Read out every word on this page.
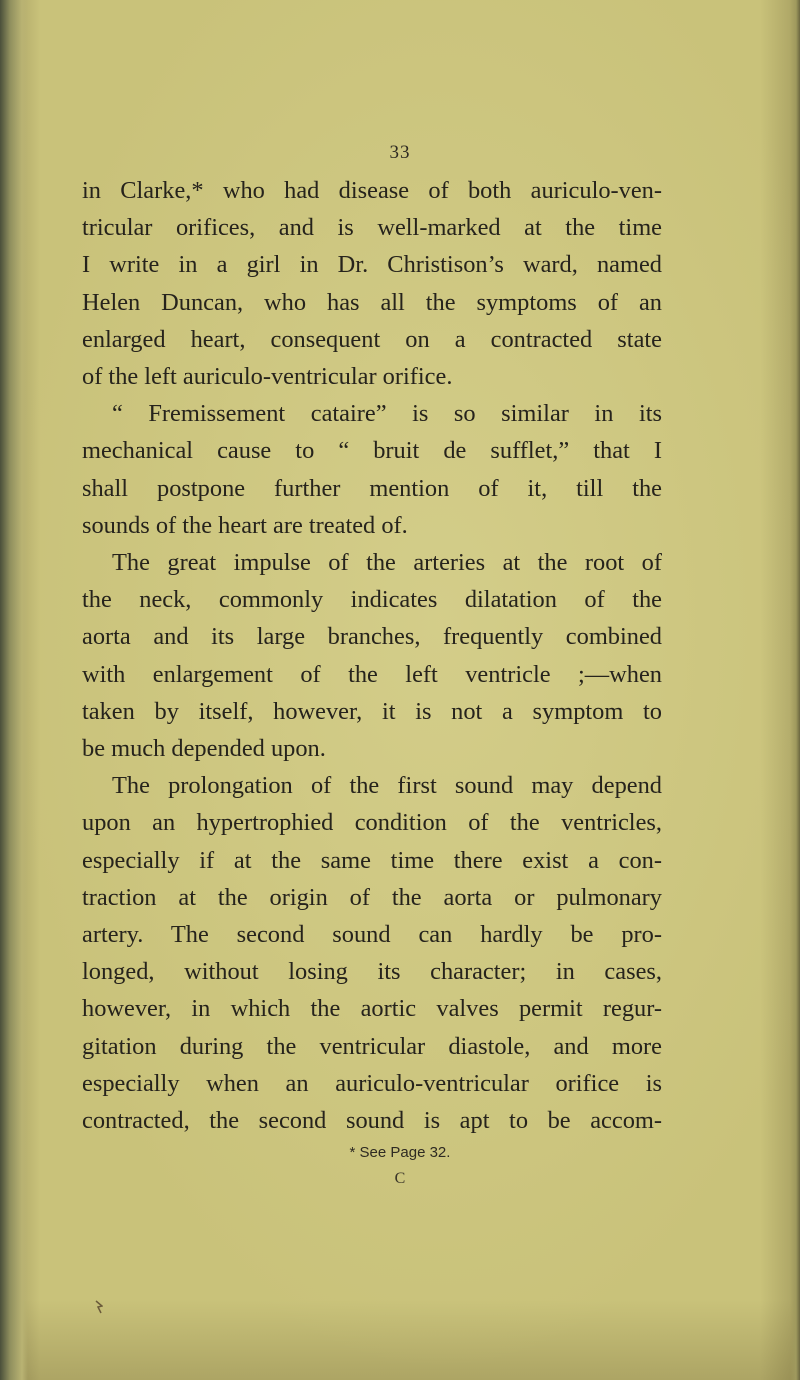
33
in Clarke,* who had disease of both auriculo-ven-
tricular orifices, and is well-marked at the time
I write in a girl in Dr. Christison’s ward, named
Helen Duncan, who has all the symptoms of an
enlarged heart, consequent on a contracted state
of the left auriculo-ventricular orifice.
“ Fremissement cataire” is so similar in its
mechanical cause to “ bruit de sufflet,” that I
shall postpone further mention of it, till the
sounds of the heart are treated of.
The great impulse of the arteries at the root of
the neck, commonly indicates dilatation of the
aorta and its large branches, frequently combined
with enlargement of the left ventricle ;—when
taken by itself, however, it is not a symptom to
be much depended upon.
The prolongation of the first sound may depend
upon an hypertrophied condition of the ventricles,
especially if at the same time there exist a con-
traction at the origin of the aorta or pulmonary
artery. The second sound can hardly be pro-
longed, without losing its character; in cases,
however, in which the aortic valves permit regur-
gitation during the ventricular diastole, and more
especially when an auriculo-ventricular orifice is
contracted, the second sound is apt to be accom-
* See Page 32.
C
